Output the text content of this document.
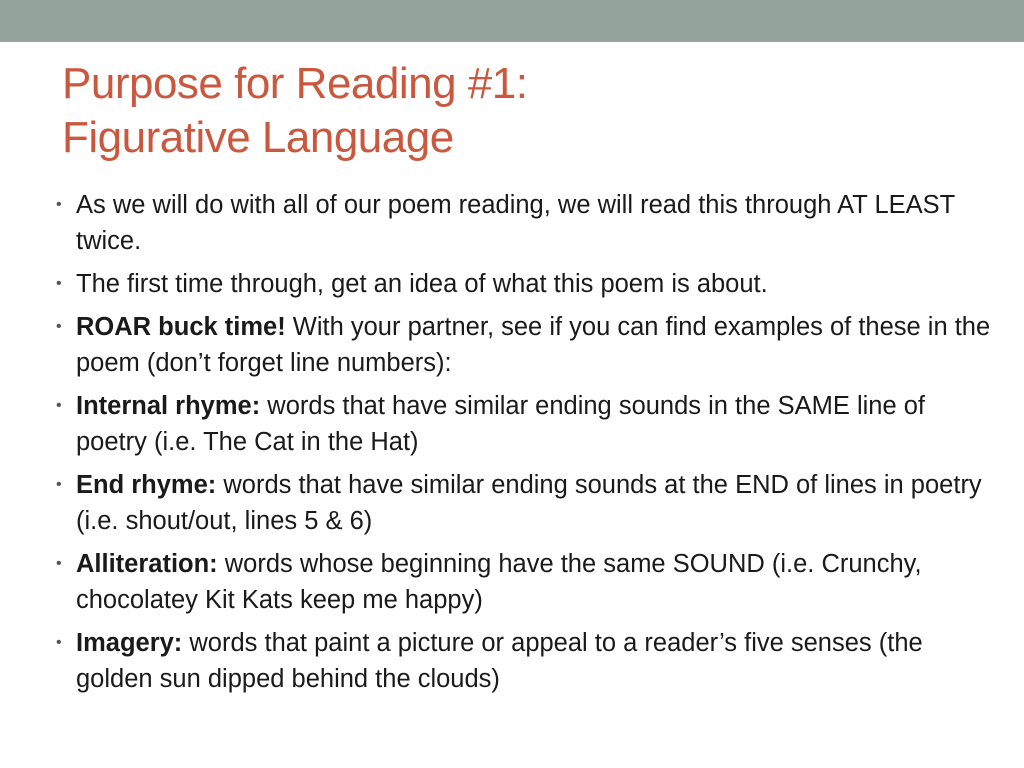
Purpose for Reading #1:
Figurative Language
• As we will do with all of our poem reading, we will read this through AT LEAST twice.
• The first time through, get an idea of what this poem is about.
• ROAR buck time! With your partner, see if you can find examples of these in the poem (don’t forget line numbers):
• Internal rhyme: words that have similar ending sounds in the SAME line of poetry (i.e. The Cat in the Hat)
• End rhyme: words that have similar ending sounds at the END of lines in poetry (i.e. shout/out, lines 5 & 6)
• Alliteration: words whose beginning have the same SOUND (i.e. Crunchy, chocolatey Kit Kats keep me happy)
• Imagery: words that paint a picture or appeal to a reader’s five senses (the golden sun dipped behind the clouds)
